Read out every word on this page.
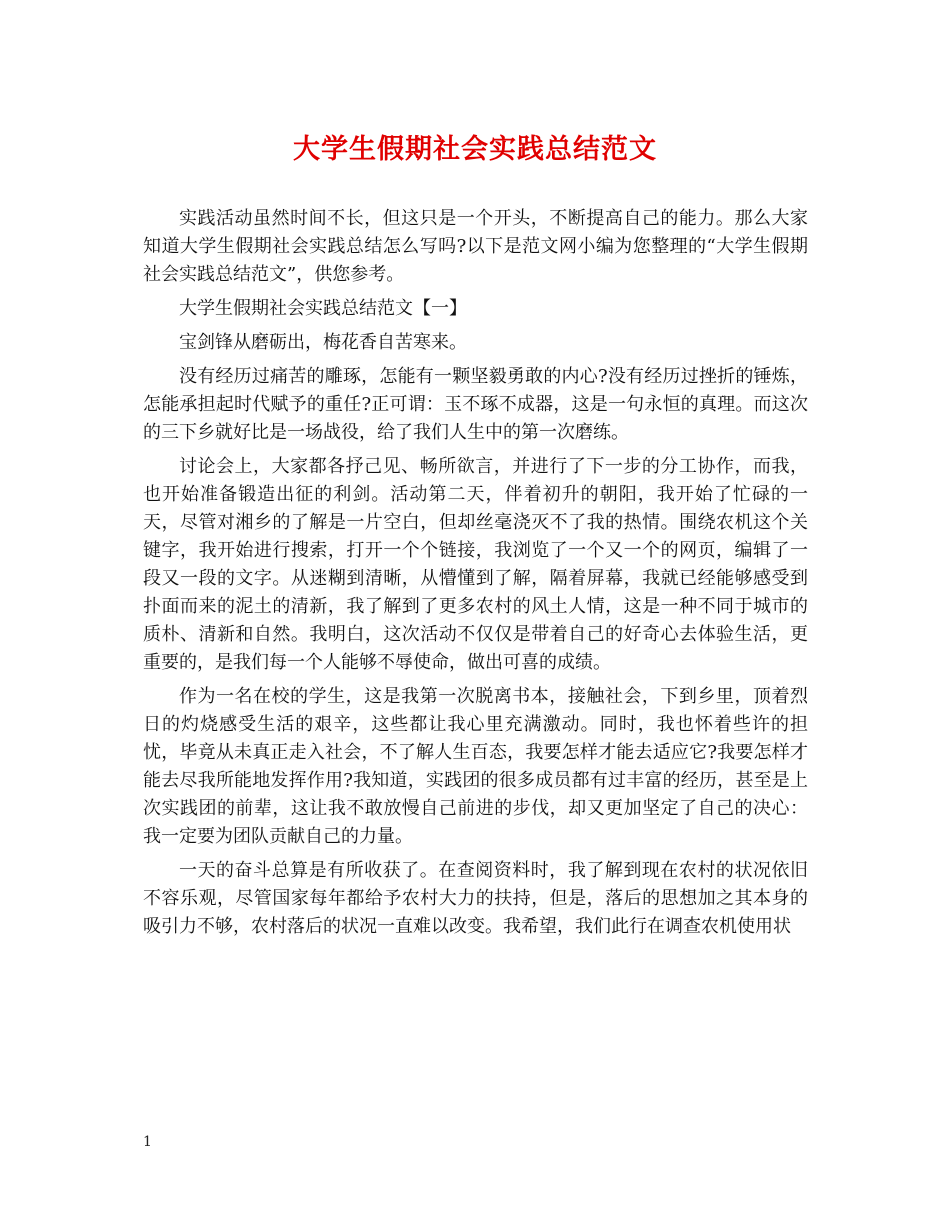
大学生假期社会实践总结范文

实践活动虽然时间不长，但这只是一个开头，不断提高自己的能力。那么大家知道大学生假期社会实践总结怎么写吗?以下是范文网小编为您整理的“大学生假期社会实践总结范文”，供您参考。

大学生假期社会实践总结范文【一】

宝剑锋从磨砺出，梅花香自苦寒来。

没有经历过痛苦的雕琢，怎能有一颗坚毅勇敢的内心?没有经历过挫折的锤炼，怎能承担起时代赋予的重任?正可谓：玉不琢不成器，这是一句永恒的真理。而这次的三下乡就好比是一场战役，给了我们人生中的第一次磨练。

讨论会上，大家都各抒己见、畅所欲言，并进行了下一步的分工协作，而我，也开始准备锻造出征的利剑。活动第二天，伴着初升的朝阳，我开始了忙碌的一天，尽管对湘乡的了解是一片空白，但却丝毫浇灭不了我的热情。围绕农机这个关键字，我开始进行搜索，打开一个个链接，我浏览了一个又一个的网页，编辑了一段又一段的文字。从迷糊到清晰，从懵懂到了解，隔着屏幕，我就已经能够感受到扑面而来的泥土的清新，我了解到了更多农村的风土人情，这是一种不同于城市的质朴、清新和自然。我明白，这次活动不仅仅是带着自己的好奇心去体验生活，更重要的，是我们每一个人能够不辱使命，做出可喜的成绩。

作为一名在校的学生，这是我第一次脱离书本，接触社会，下到乡里，顶着烈日的灼烧感受生活的艰辛，这些都让我心里充满激动。同时，我也怀着些许的担忧，毕竟从未真正走入社会，不了解人生百态，我要怎样才能去适应它?我要怎样才能去尽我所能地发挥作用?我知道，实践团的很多成员都有过丰富的经历，甚至是上次实践团的前辈，这让我不敢放慢自己前进的步伐，却又更加坚定了自己的决心：我一定要为团队贡献自己的力量。

一天的奋斗总算是有所收获了。在查阅资料时，我了解到现在农村的状况依旧不容乐观，尽管国家每年都给予农村大力的扶持，但是，落后的思想加之其本身的吸引力不够，农村落后的状况一直难以改变。我希望，我们此行在调查农机使用状

1
